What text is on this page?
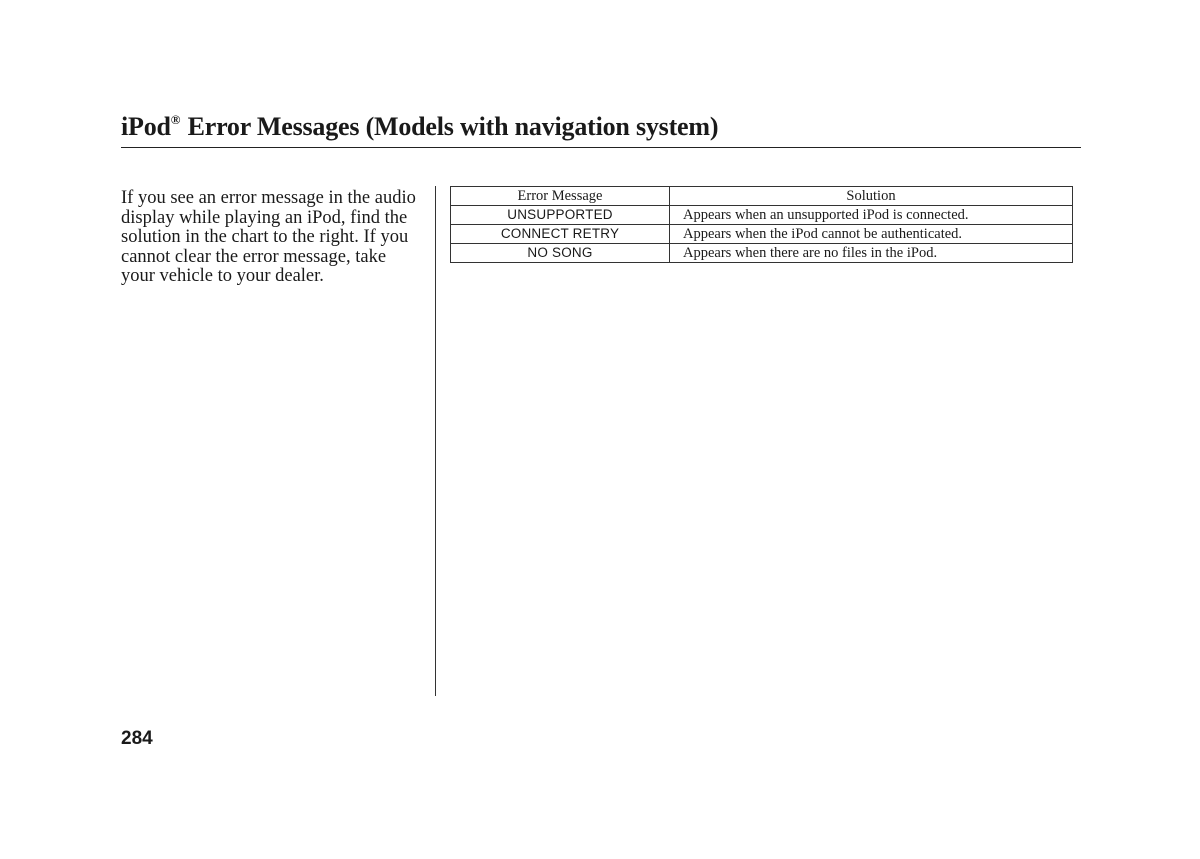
iPod® Error Messages (Models with navigation system)

If you see an error message in the audio display while playing an iPod, find the solution in the chart to the right. If you cannot clear the error message, take your vehicle to your dealer.

Error Message	Solution
UNSUPPORTED	Appears when an unsupported iPod is connected.
CONNECT RETRY	Appears when the iPod cannot be authenticated.
NO SONG	Appears when there are no files in the iPod.

284
